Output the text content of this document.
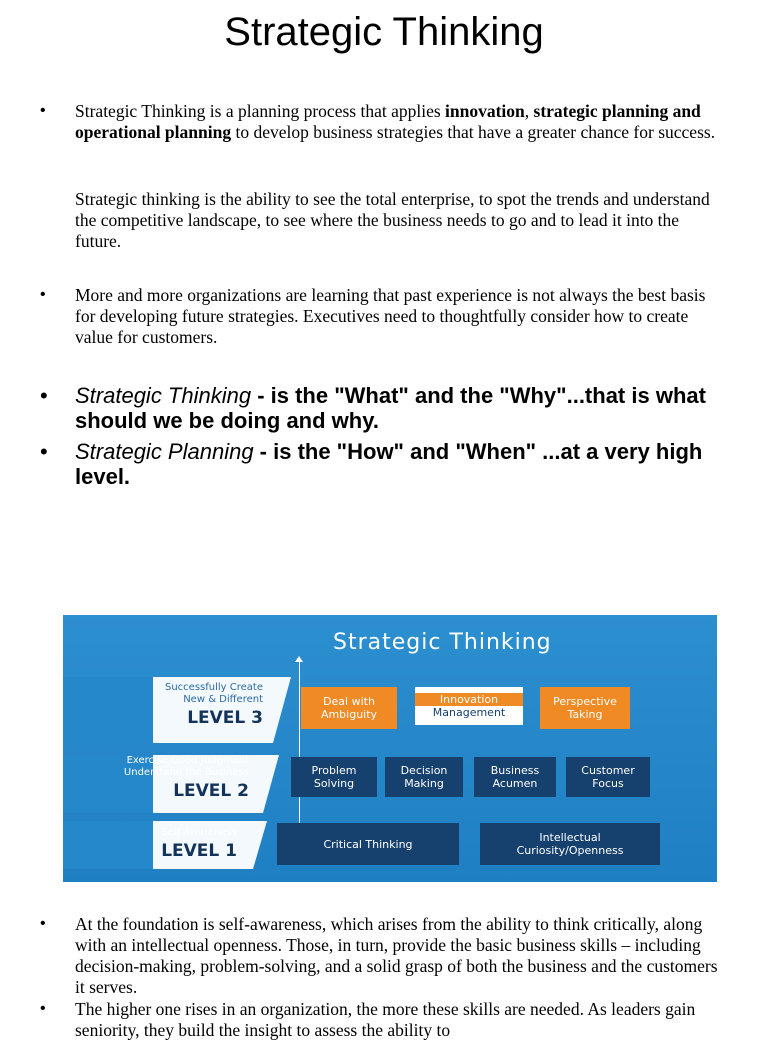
Strategic Thinking
•	Strategic Thinking is a planning process that applies innovation, strategic planning and operational planning to develop business strategies that have a greater chance for success.
Strategic thinking is the ability to see the total enterprise, to spot the trends and understand the competitive landscape, to see where the business needs to go and to lead it into the future.
•	More and more organizations are learning that past experience is not always the best basis for developing future strategies. Executives need to thoughtfully consider how to create value for customers.
• Strategic Thinking - is the "What" and the "Why"...that is what should we be doing and why.
• Strategic Planning - is the "How" and "When" ...at a very high level.
Strategic Thinking
Successfully Create
New & Different
LEVEL 3
Exercise Good Judgment
Understand the Business
LEVEL 2
Self Awareness
LEVEL 1
Deal with
Ambiguity
Innovation
Management
Perspective
Taking
Problem
Solving
Decision
Making
Business
Acumen
Customer
Focus
Critical Thinking	Intellectual
Curiosity/Openness
•	At the foundation is self-awareness, which arises from the ability to think critically, along with an intellectual openness. Those, in turn, provide the basic business skills – including decision-making, problem-solving, and a solid grasp of both the business and the customers it serves.
•	The higher one rises in an organization, the more these skills are needed. As leaders gain seniority, they build the insight to assess the ability to
